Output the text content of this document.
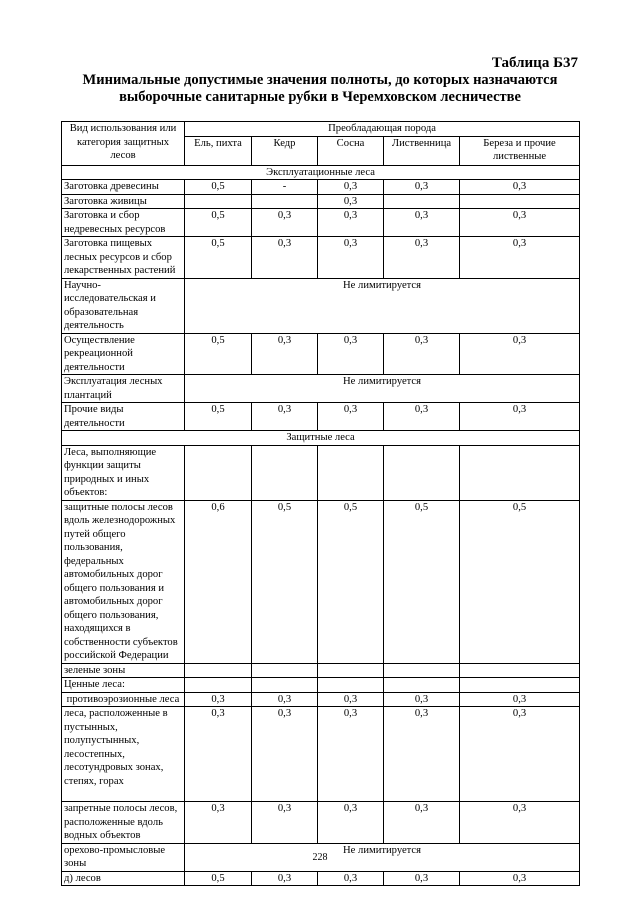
Таблица Б37
Минимальные допустимые значения полноты, до которых назначаются выборочные санитарные рубки в Черемховском лесничестве
Вид использования или категория защитных лесов	Преобладающая порода				
	Ель, пихта	Кедр	Сосна	Лиственница	Береза и прочие лиственные
Эксплуатационные леса					
Заготовка древесины	0,5	-	0,3	0,3	0,3
Заготовка живицы			0,3		
Заготовка и сбор недревесных ресурсов	0,5	0,3	0,3	0,3	0,3
Заготовка пищевых лесных ресурсов и сбор лекарственных растений	0,5	0,3	0,3	0,3	0,3
Научно-исследовательская и образовательная деятельность	Не лимитируется				
Осуществление рекреационной деятельности	0,5	0,3	0,3	0,3	0,3
Эксплуатация лесных плантаций	Не лимитируется				
Прочие виды деятельности	0,5	0,3	0,3	0,3	0,3
Защитные леса					
Леса, выполняющие функции защиты природных и иных объектов:					
защитные полосы лесов вдоль железнодорожных путей общего пользования, федеральных автомобильных дорог общего пользования и автомобильных дорог общего пользования, находящихся в собственности субъектов российской Федерации	0,6	0,5	0,5	0,5	0,5
зеленые зоны					
Ценные леса:					
противоэрозионные леса	0,3	0,3	0,3	0,3	0,3
леса, расположенные в пустынных, полупустынных, лесостепных, лесотундровых зонах, степях, горах	0,3	0,3	0,3	0,3	0,3
запретные полосы лесов, расположенные вдоль водных объектов	0,3	0,3	0,3	0,3	0,3
орехово-промысловые зоны	Не лимитируется				
д) лесов	0,5	0,3	0,3	0,3	0,3
228
